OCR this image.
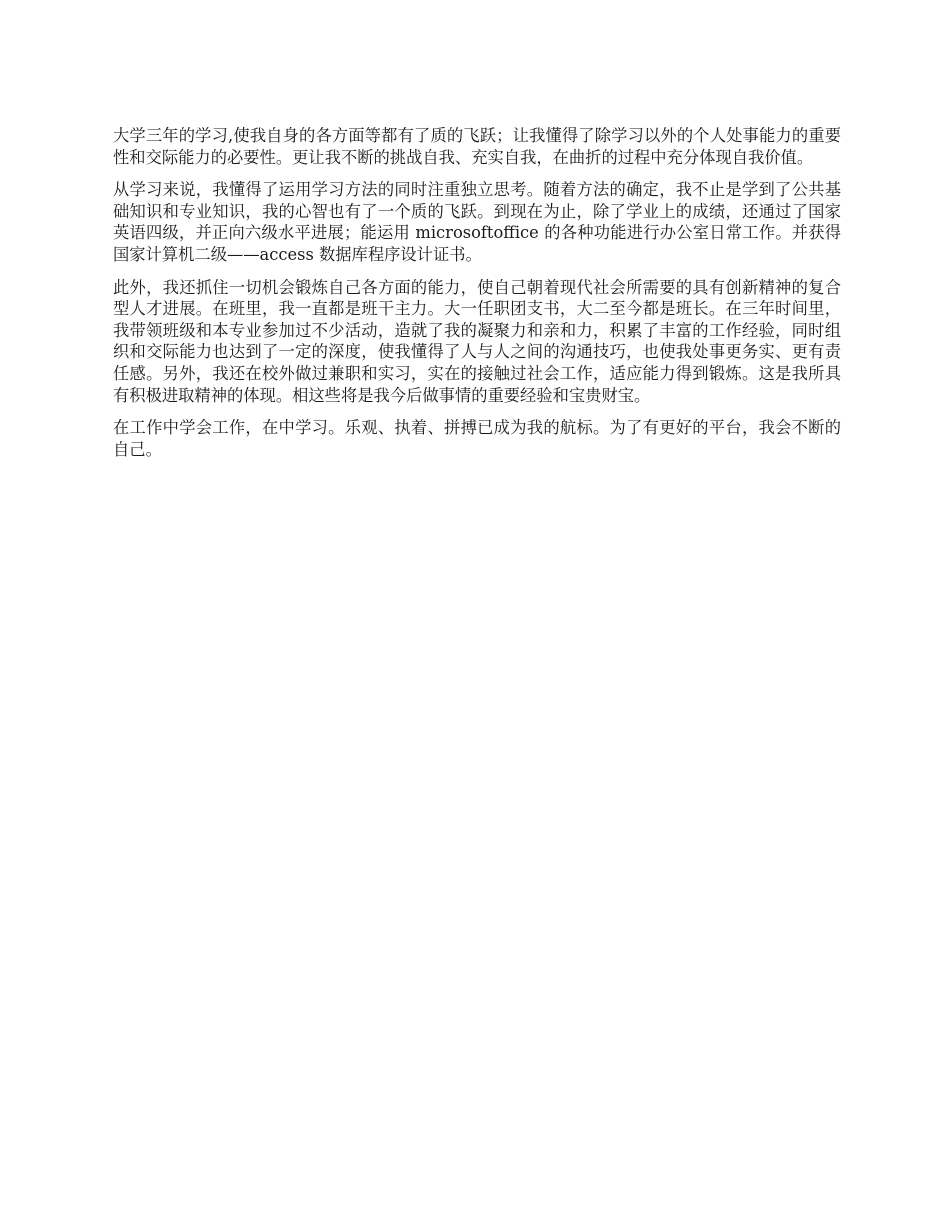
大学三年的学习,使我自身的各方面等都有了质的飞跃；让我懂得了除学习以外的个人处事能力的重要性和交际能力的必要性。更让我不断的挑战自我、充实自我，在曲折的过程中充分体现自我价值。

从学习来说，我懂得了运用学习方法的同时注重独立思考。随着方法的确定，我不止是学到了公共基础知识和专业知识，我的心智也有了一个质的飞跃。到现在为止，除了学业上的成绩，还通过了国家英语四级，并正向六级水平进展；能运用 microsoftoffice 的各种功能进行办公室日常工作。并获得国家计算机二级——access 数据库程序设计证书。

此外，我还抓住一切机会锻炼自己各方面的能力，使自己朝着现代社会所需要的具有创新精神的复合型人才进展。在班里，我一直都是班干主力。大一任职团支书，大二至今都是班长。在三年时间里，我带领班级和本专业参加过不少活动，造就了我的凝聚力和亲和力，积累了丰富的工作经验，同时组织和交际能力也达到了一定的深度，使我懂得了人与人之间的沟通技巧，也使我处事更务实、更有责任感。另外，我还在校外做过兼职和实习，实在的接触过社会工作，适应能力得到锻炼。这是我所具有积极进取精神的体现。相这些将是我今后做事情的重要经验和宝贵财宝。

在工作中学会工作，在中学习。乐观、执着、拼搏已成为我的航标。为了有更好的平台，我会不断的自己。
